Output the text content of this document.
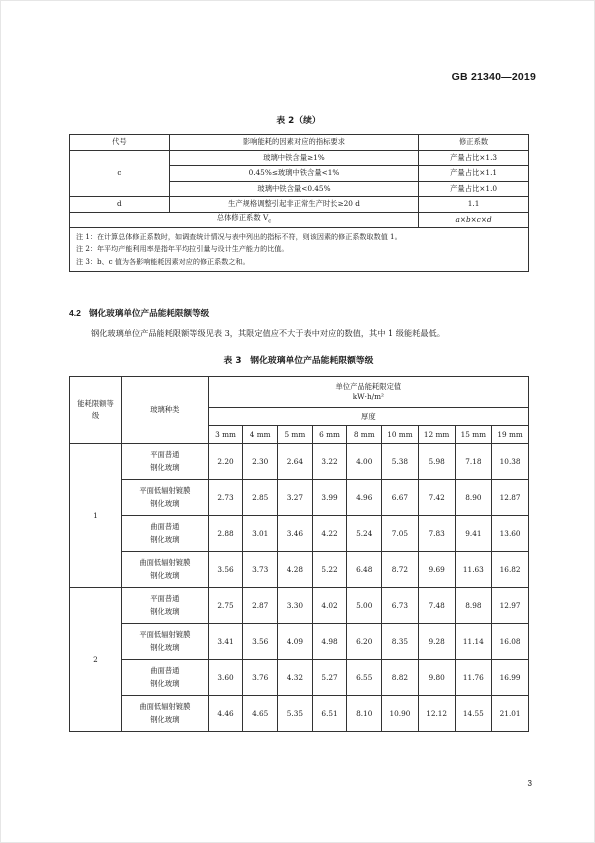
GB 21340—2019
表 2（续）
代号	影响能耗的因素对应的指标要求	修正系数
c	玻璃中铁含量≥1%	产量占比×1.3
	0.45%≤玻璃中铁含量<1%	产量占比×1.1
	玻璃中铁含量<0.45%	产量占比×1.0
d	生产规格调整引起非正常生产时长≥20 d	1.1
总体修正系数 $V_c$		a×b×c×d

注 1：在计算总体修正系数时，如调查统计情况与表中列出的指标不符，则该因素的修正系数取数值 1。
注 2：年平均产能利用率是指年平均拉引量与设计生产能力的比值。
注 3：b、c 值为各影响能耗因素对应的修正系数之和。		
4.2 钢化玻璃单位产品能耗限额等级
钢化玻璃单位产品能耗限额等级见表 3，其限定值应不大于表中对应的数值，其中 1 级能耗最低。
表 3　钢化玻璃单位产品能耗限额等级
能耗限额等级	玻璃种类	单位产品能耗限定值
kW·h/m²								

		厚度								
		3 mm	4 mm	5 mm	6 mm	8 mm	10 mm	12 mm	15 mm	19 mm
1	平面普通
钢化玻璃	2.20	2.30	2.64	3.22	4.00	5.38	5.98	7.18	10.38

	平面低辐射镀膜
钢化玻璃	2.73	2.85	3.27	3.99	4.96	6.67	7.42	8.90	12.87

	曲面普通
钢化玻璃	2.88	3.01	3.46	4.22	5.24	7.05	7.83	9.41	13.60

	曲面低辐射镀膜
钢化玻璃	3.56	3.73	4.28	5.22	6.48	8.72	9.69	11.63	16.82
2	平面普通
钢化玻璃	2.75	2.87	3.30	4.02	5.00	6.73	7.48	8.98	12.97

	平面低辐射镀膜
钢化玻璃	3.41	3.56	4.09	4.98	6.20	8.35	9.28	11.14	16.08

	曲面普通
钢化玻璃	3.60	3.76	4.32	5.27	6.55	8.82	9.80	11.76	16.99

	曲面低辐射镀膜
钢化玻璃	4.46	4.65	5.35	6.51	8.10	10.90	12.12	14.55	21.01
3
